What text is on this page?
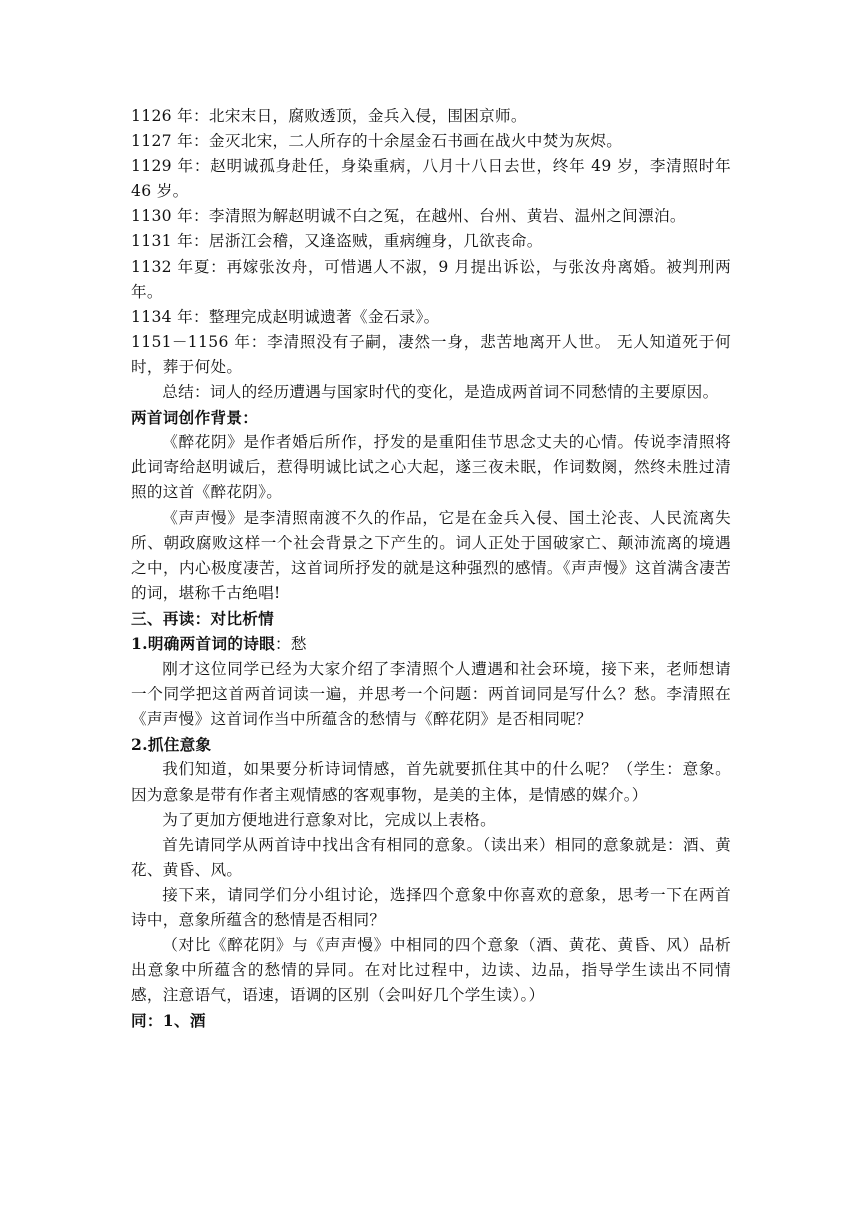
1126 年：北宋末日，腐败透顶，金兵入侵，围困京师。

1127 年：金灭北宋，二人所存的十余屋金石书画在战火中焚为灰烬。

1129 年：赵明诚孤身赴任，身染重病，八月十八日去世，终年 49 岁，李清照时年 46 岁。

1130 年：李清照为解赵明诚不白之冤，在越州、台州、黄岩、温州之间漂泊。

1131 年：居浙江会稽，又逢盗贼，重病缠身，几欲丧命。

1132 年夏：再嫁张汝舟，可惜遇人不淑，9 月提出诉讼，与张汝舟离婚。被判刑两年。

1134 年：整理完成赵明诚遗著《金石录》。

1151－1156 年：李清照没有子嗣，凄然一身，悲苦地离开人世。 无人知道死于何时，葬于何处。

总结：词人的经历遭遇与国家时代的变化，是造成两首词不同愁情的主要原因。

两首词创作背景：

《醉花阴》是作者婚后所作，抒发的是重阳佳节思念丈夫的心情。传说李清照将此词寄给赵明诚后，惹得明诚比试之心大起，遂三夜未眠，作词数阕，然终未胜过清照的这首《醉花阴》。

《声声慢》是李清照南渡不久的作品，它是在金兵入侵、国土沦丧、人民流离失所、朝政腐败这样一个社会背景之下产生的。词人正处于国破家亡、颠沛流离的境遇之中，内心极度凄苦，这首词所抒发的就是这种强烈的感情。《声声慢》这首满含凄苦的词，堪称千古绝唱!

三、再读：对比析情

1.明确两首词的诗眼：愁

刚才这位同学已经为大家介绍了李清照个人遭遇和社会环境，接下来，老师想请一个同学把这首两首词读一遍，并思考一个问题：两首词同是写什么？愁。李清照在《声声慢》这首词作当中所蕴含的愁情与《醉花阴》是否相同呢？

2.抓住意象

我们知道，如果要分析诗词情感，首先就要抓住其中的什么呢？（学生：意象。因为意象是带有作者主观情感的客观事物，是美的主体，是情感的媒介。）

为了更加方便地进行意象对比，完成以上表格。

首先请同学从两首诗中找出含有相同的意象。（读出来）相同的意象就是：酒、黄花、黄昏、风。

接下来，请同学们分小组讨论，选择四个意象中你喜欢的意象，思考一下在两首诗中，意象所蕴含的愁情是否相同？

（对比《醉花阴》与《声声慢》中相同的四个意象（酒、黄花、黄昏、风）品析出意象中所蕴含的愁情的异同。在对比过程中，边读、边品，指导学生读出不同情感，注意语气，语速，语调的区别（会叫好几个学生读）。）

同：1、酒
